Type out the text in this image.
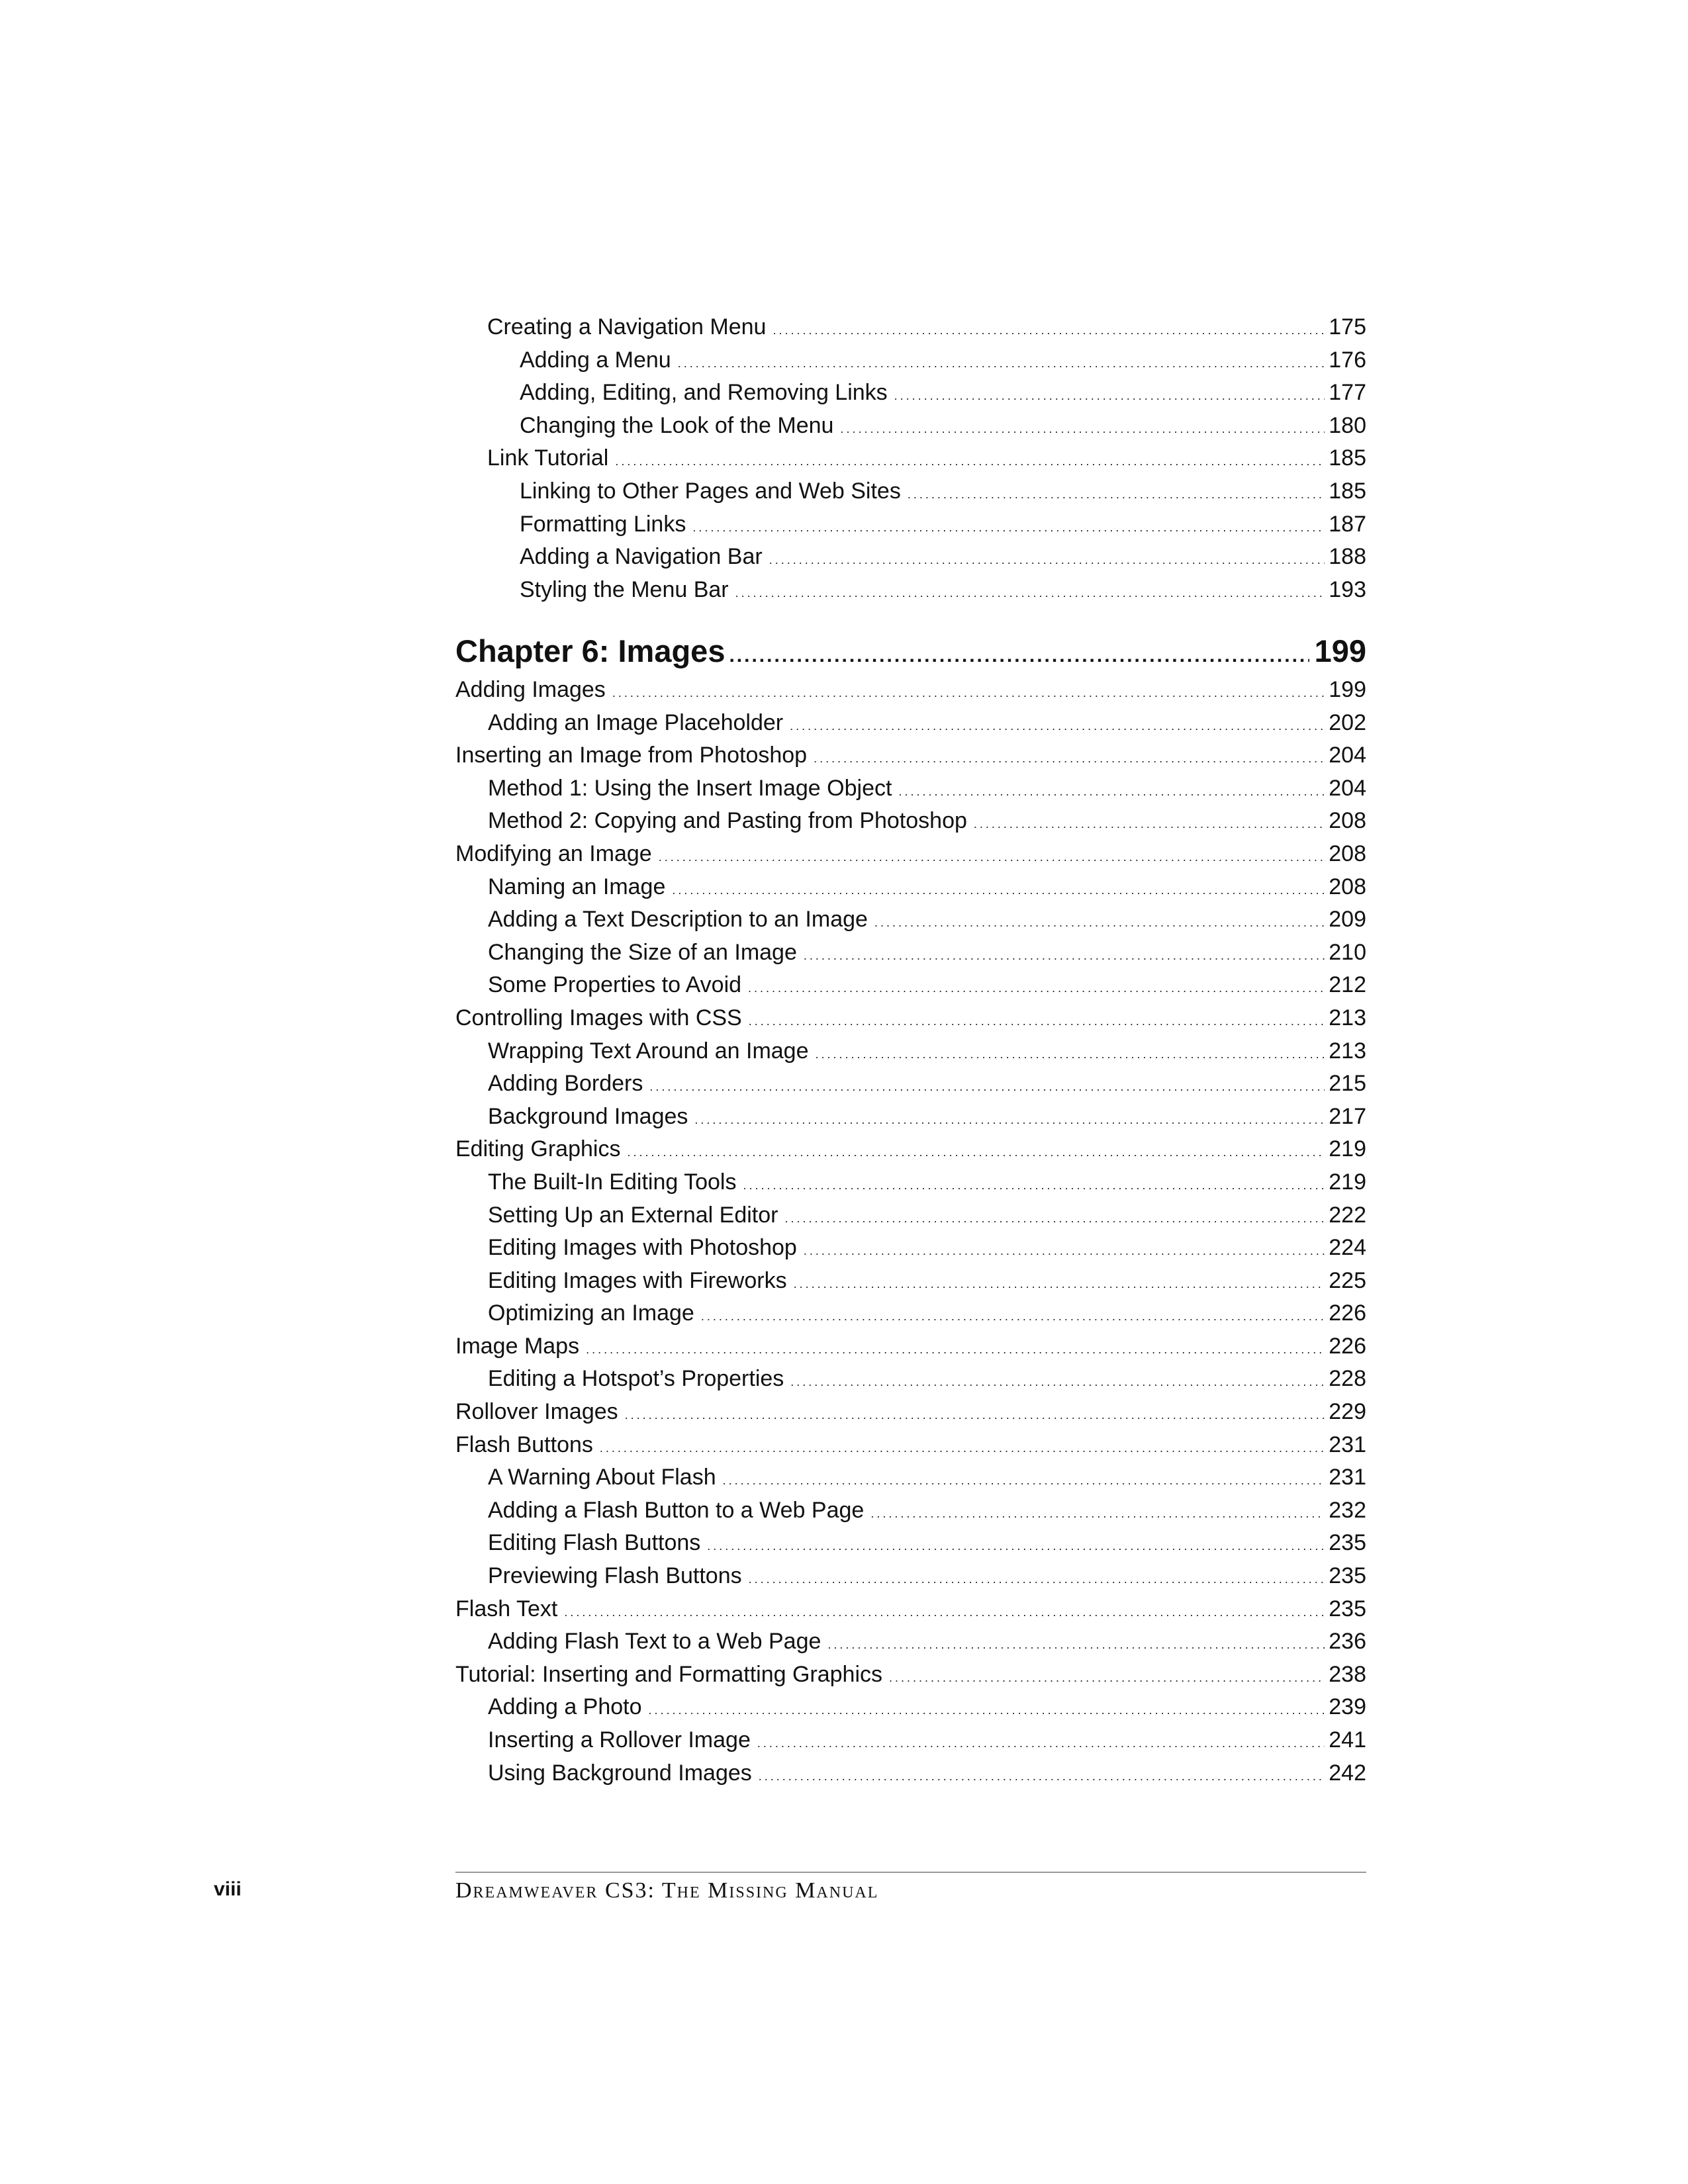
Creating a Navigation Menu .....	175
Adding a Menu .....	176
Adding, Editing, and Removing Links .....	177
Changing the Look of the Menu .....	180
Link Tutorial .....	185
Linking to Other Pages and Web Sites .....	185
Formatting Links .....	187
Adding a Navigation Bar .....	188
Styling the Menu Bar .....	193
Chapter 6: Images .....	199
Adding Images .....	199
Adding an Image Placeholder .....	202
Inserting an Image from Photoshop .....	204
Method 1: Using the Insert Image Object .....	204
Method 2: Copying and Pasting from Photoshop .....	208
Modifying an Image .....	208
Naming an Image .....	208
Adding a Text Description to an Image .....	209
Changing the Size of an Image .....	210
Some Properties to Avoid .....	212
Controlling Images with CSS .....	213
Wrapping Text Around an Image .....	213
Adding Borders .....	215
Background Images .....	217
Editing Graphics .....	219
The Built-In Editing Tools .....	219
Setting Up an External Editor .....	222
Editing Images with Photoshop .....	224
Editing Images with Fireworks .....	225
Optimizing an Image .....	226
Image Maps .....	226
Editing a Hotspot’s Properties .....	228
Rollover Images .....	229
Flash Buttons .....	231
A Warning About Flash .....	231
Adding a Flash Button to a Web Page .....	232
Editing Flash Buttons .....	235
Previewing Flash Buttons .....	235
Flash Text .....	235
Adding Flash Text to a Web Page .....	236
Tutorial: Inserting and Formatting Graphics .....	238
Adding a Photo .....	239
Inserting a Rollover Image .....	241
Using Background Images .....	242
viii	Dreamweaver CS3: The Missing Manual
